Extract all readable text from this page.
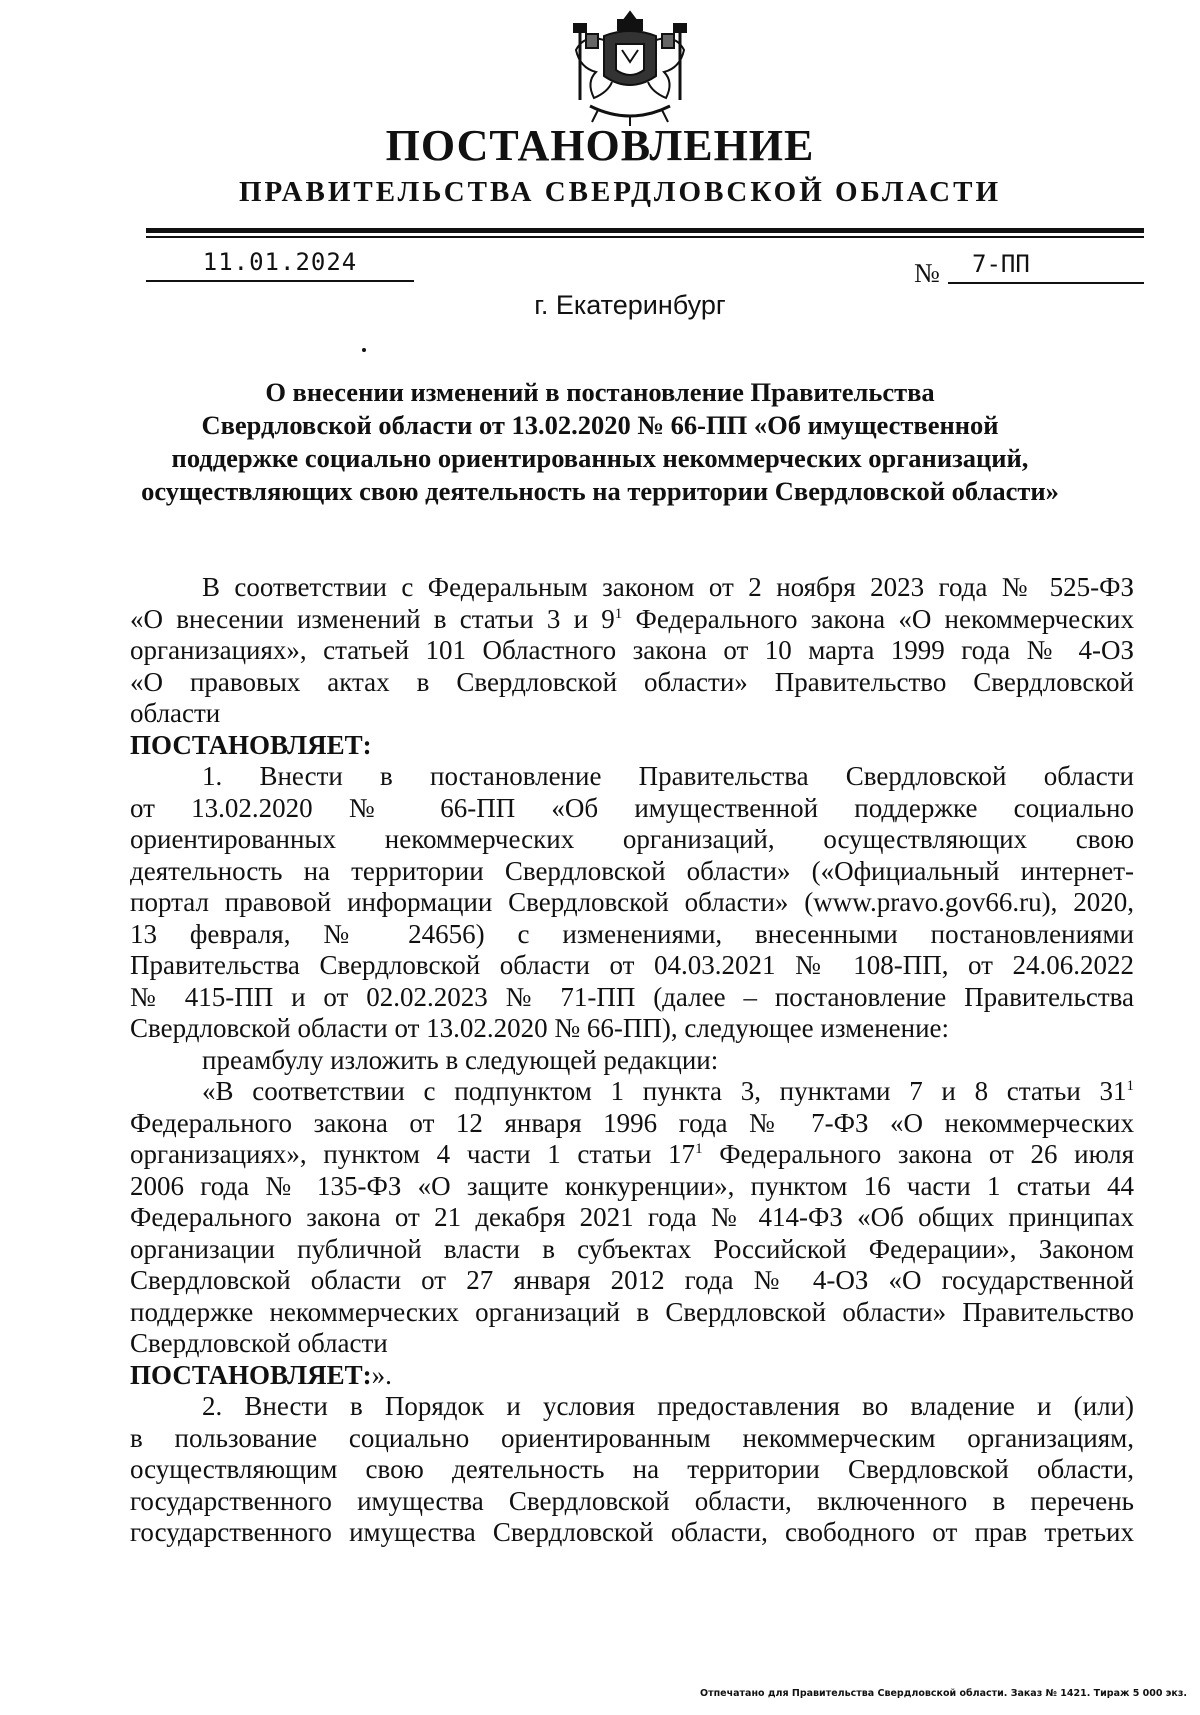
ПОСТАНОВЛЕНИЕ
ПРАВИТЕЛЬСТВА СВЕРДЛОВСКОЙ ОБЛАСТИ
11.01.2024	№	7-ПП
г. Екатеринбург
О внесении изменений в постановление Правительства
Свердловской области от 13.02.2020 № 66-ПП «Об имущественной
поддержке социально ориентированных некоммерческих организаций,
осуществляющих свою деятельность на территории Свердловской области»
В соответствии с Федеральным законом от 2 ноября 2023 года № 525-ФЗ
«О внесении изменений в статьи 3 и $9^1$ Федерального закона «О некоммерческих
организациях», статьей 101 Областного закона от 10 марта 1999 года № 4-ОЗ
«О правовых актах в Свердловской области» Правительство Свердловской
области
ПОСТАНОВЛЯЕТ:
1. Внести в постановление Правительства Свердловской области
от 13.02.2020 № 66-ПП «Об имущественной поддержке социально
ориентированных некоммерческих организаций, осуществляющих свою
деятельность на территории Свердловской области» («Официальный интернет-
портал правовой информации Свердловской области» (www.pravo.gov66.ru), 2020,
13 февраля, № 24656) с изменениями, внесенными постановлениями
Правительства Свердловской области от 04.03.2021 № 108-ПП, от 24.06.2022
№ 415-ПП и от 02.02.2023 № 71-ПП (далее – постановление Правительства
Свердловской области от 13.02.2020 № 66-ПП), следующее изменение:
преамбулу изложить в следующей редакции:
«В соответствии с подпунктом 1 пункта 3, пунктами 7 и 8 статьи $31^1$
Федерального закона от 12 января 1996 года № 7-ФЗ «О некоммерческих
организациях», пунктом 4 части 1 статьи $17^1$ Федерального закона от 26 июля
2006 года № 135-ФЗ «О защите конкуренции», пунктом 16 части 1 статьи 44
Федерального закона от 21 декабря 2021 года № 414-ФЗ «Об общих принципах
организации публичной власти в субъектах Российской Федерации», Законом
Свердловской области от 27 января 2012 года № 4-ОЗ «О государственной
поддержке некоммерческих организаций в Свердловской области» Правительство
Свердловской области
ПОСТАНОВЛЯЕТ:».
2. Внести в Порядок и условия предоставления во владение и (или)
в пользование социально ориентированным некоммерческим организациям,
осуществляющим свою деятельность на территории Свердловской области,
государственного имущества Свердловской области, включенного в перечень
государственного имущества Свердловской области, свободного от прав третьих
Отпечатано для Правительства Свердловской области. Заказ № 1421. Тираж 5 000 экз.
